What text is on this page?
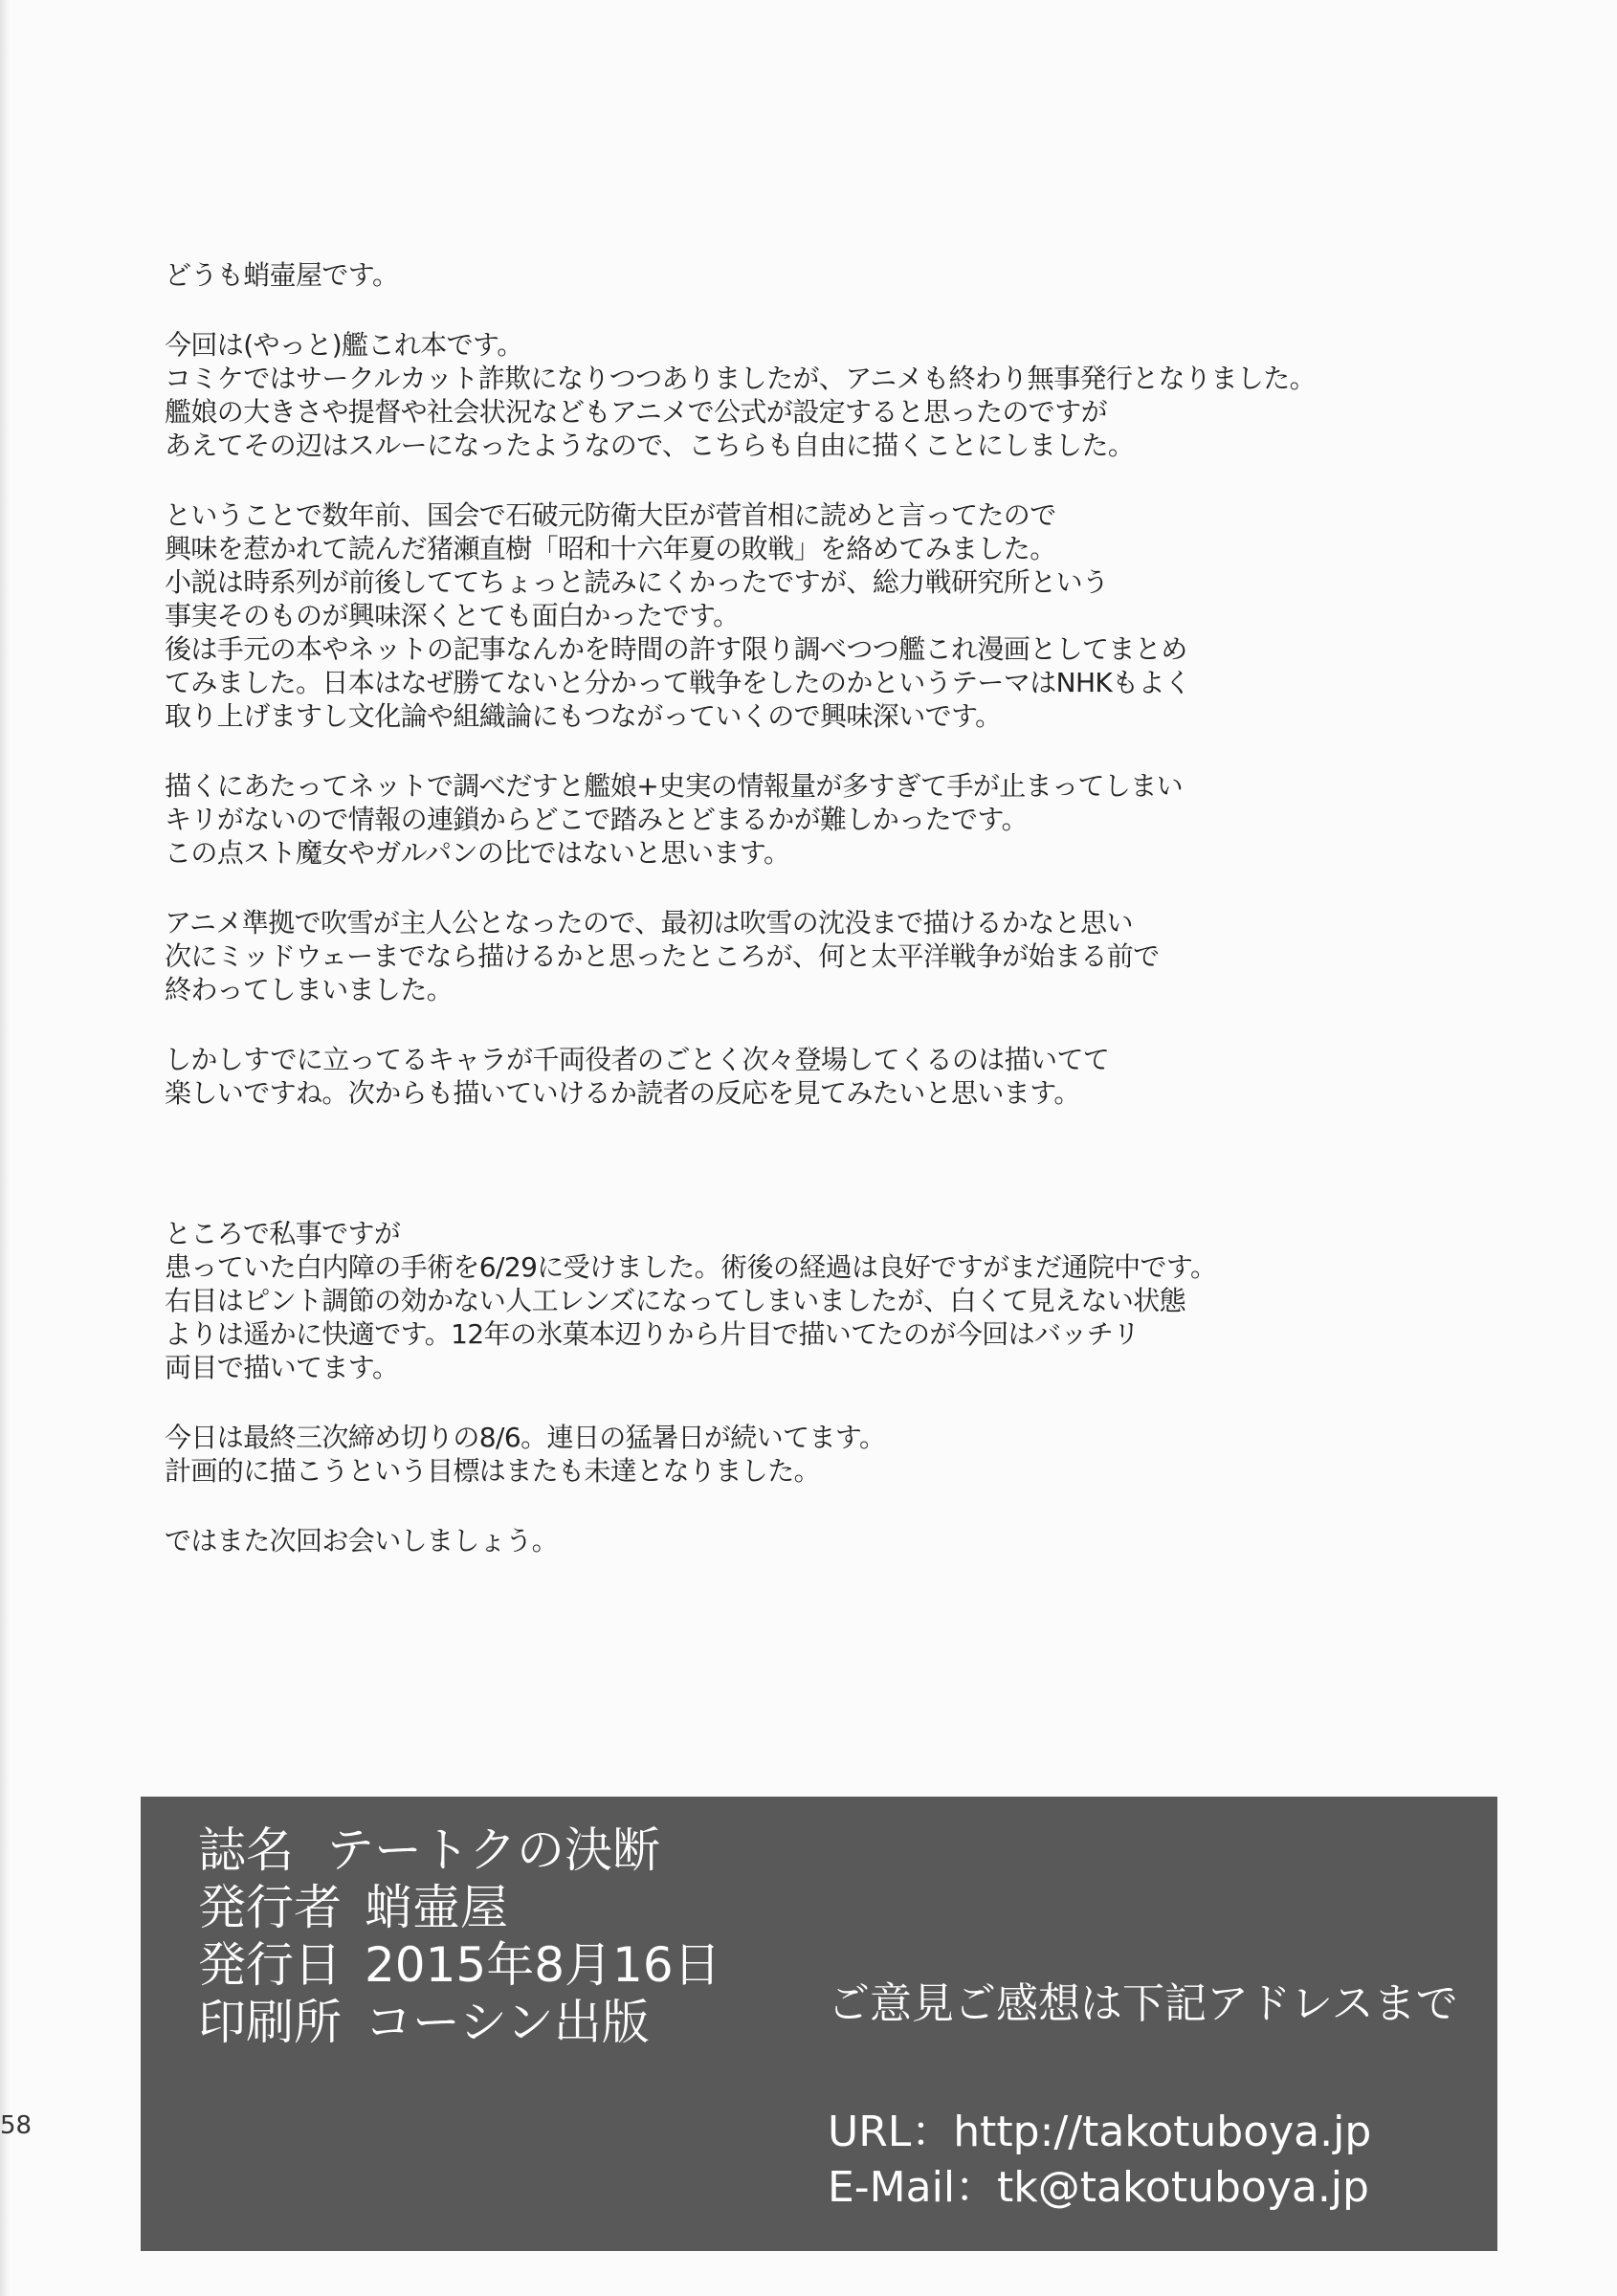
どうも蛸壷屋です。
今回は(やっと)艦これ本です。
コミケではサークルカット詐欺になりつつありましたが、アニメも終わり無事発行となりました。
艦娘の大きさや提督や社会状況などもアニメで公式が設定すると思ったのですが
あえてその辺はスルーになったようなので、こちらも自由に描くことにしました。
ということで数年前、国会で石破元防衛大臣が菅首相に読めと言ってたので
興味を惹かれて読んだ猪瀬直樹「昭和十六年夏の敗戦」を絡めてみました。
小説は時系列が前後しててちょっと読みにくかったですが、総力戦研究所という
事実そのものが興味深くとても面白かったです。
後は手元の本やネットの記事なんかを時間の許す限り調べつつ艦これ漫画としてまとめ
てみました。日本はなぜ勝てないと分かって戦争をしたのかというテーマはNHKもよく
取り上げますし文化論や組織論にもつながっていくので興味深いです。
描くにあたってネットで調べだすと艦娘+史実の情報量が多すぎて手が止まってしまい
キリがないので情報の連鎖からどこで踏みとどまるかが難しかったです。
この点スト魔女やガルパンの比ではないと思います。
アニメ準拠で吹雪が主人公となったので、最初は吹雪の沈没まで描けるかなと思い
次にミッドウェーまでなら描けるかと思ったところが、何と太平洋戦争が始まる前で
終わってしまいました。
しかしすでに立ってるキャラが千両役者のごとく次々登場してくるのは描いてて
楽しいですね。次からも描いていけるか読者の反応を見てみたいと思います。
ところで私事ですが
患っていた白内障の手術を6/29に受けました。術後の経過は良好ですがまだ通院中です。
右目はピント調節の効かない人工レンズになってしまいましたが、白くて見えない状態
よりは遥かに快適です。12年の氷菓本辺りから片目で描いてたのが今回はバッチリ
両目で描いてます。
今日は最終三次締め切りの8/6。連日の猛暑日が続いてます。
計画的に描こうという目標はまたも未達となりました。
ではまた次回お会いしましょう。
誌名 テートクの決断
発行者 蛸壷屋
発行日 2015年8月16日
印刷所 コーシン出版	ご意見ご感想は下記アドレスまで
URL：http://takotuboya.jp
E-Mail：tk@takotuboya.jp
58
